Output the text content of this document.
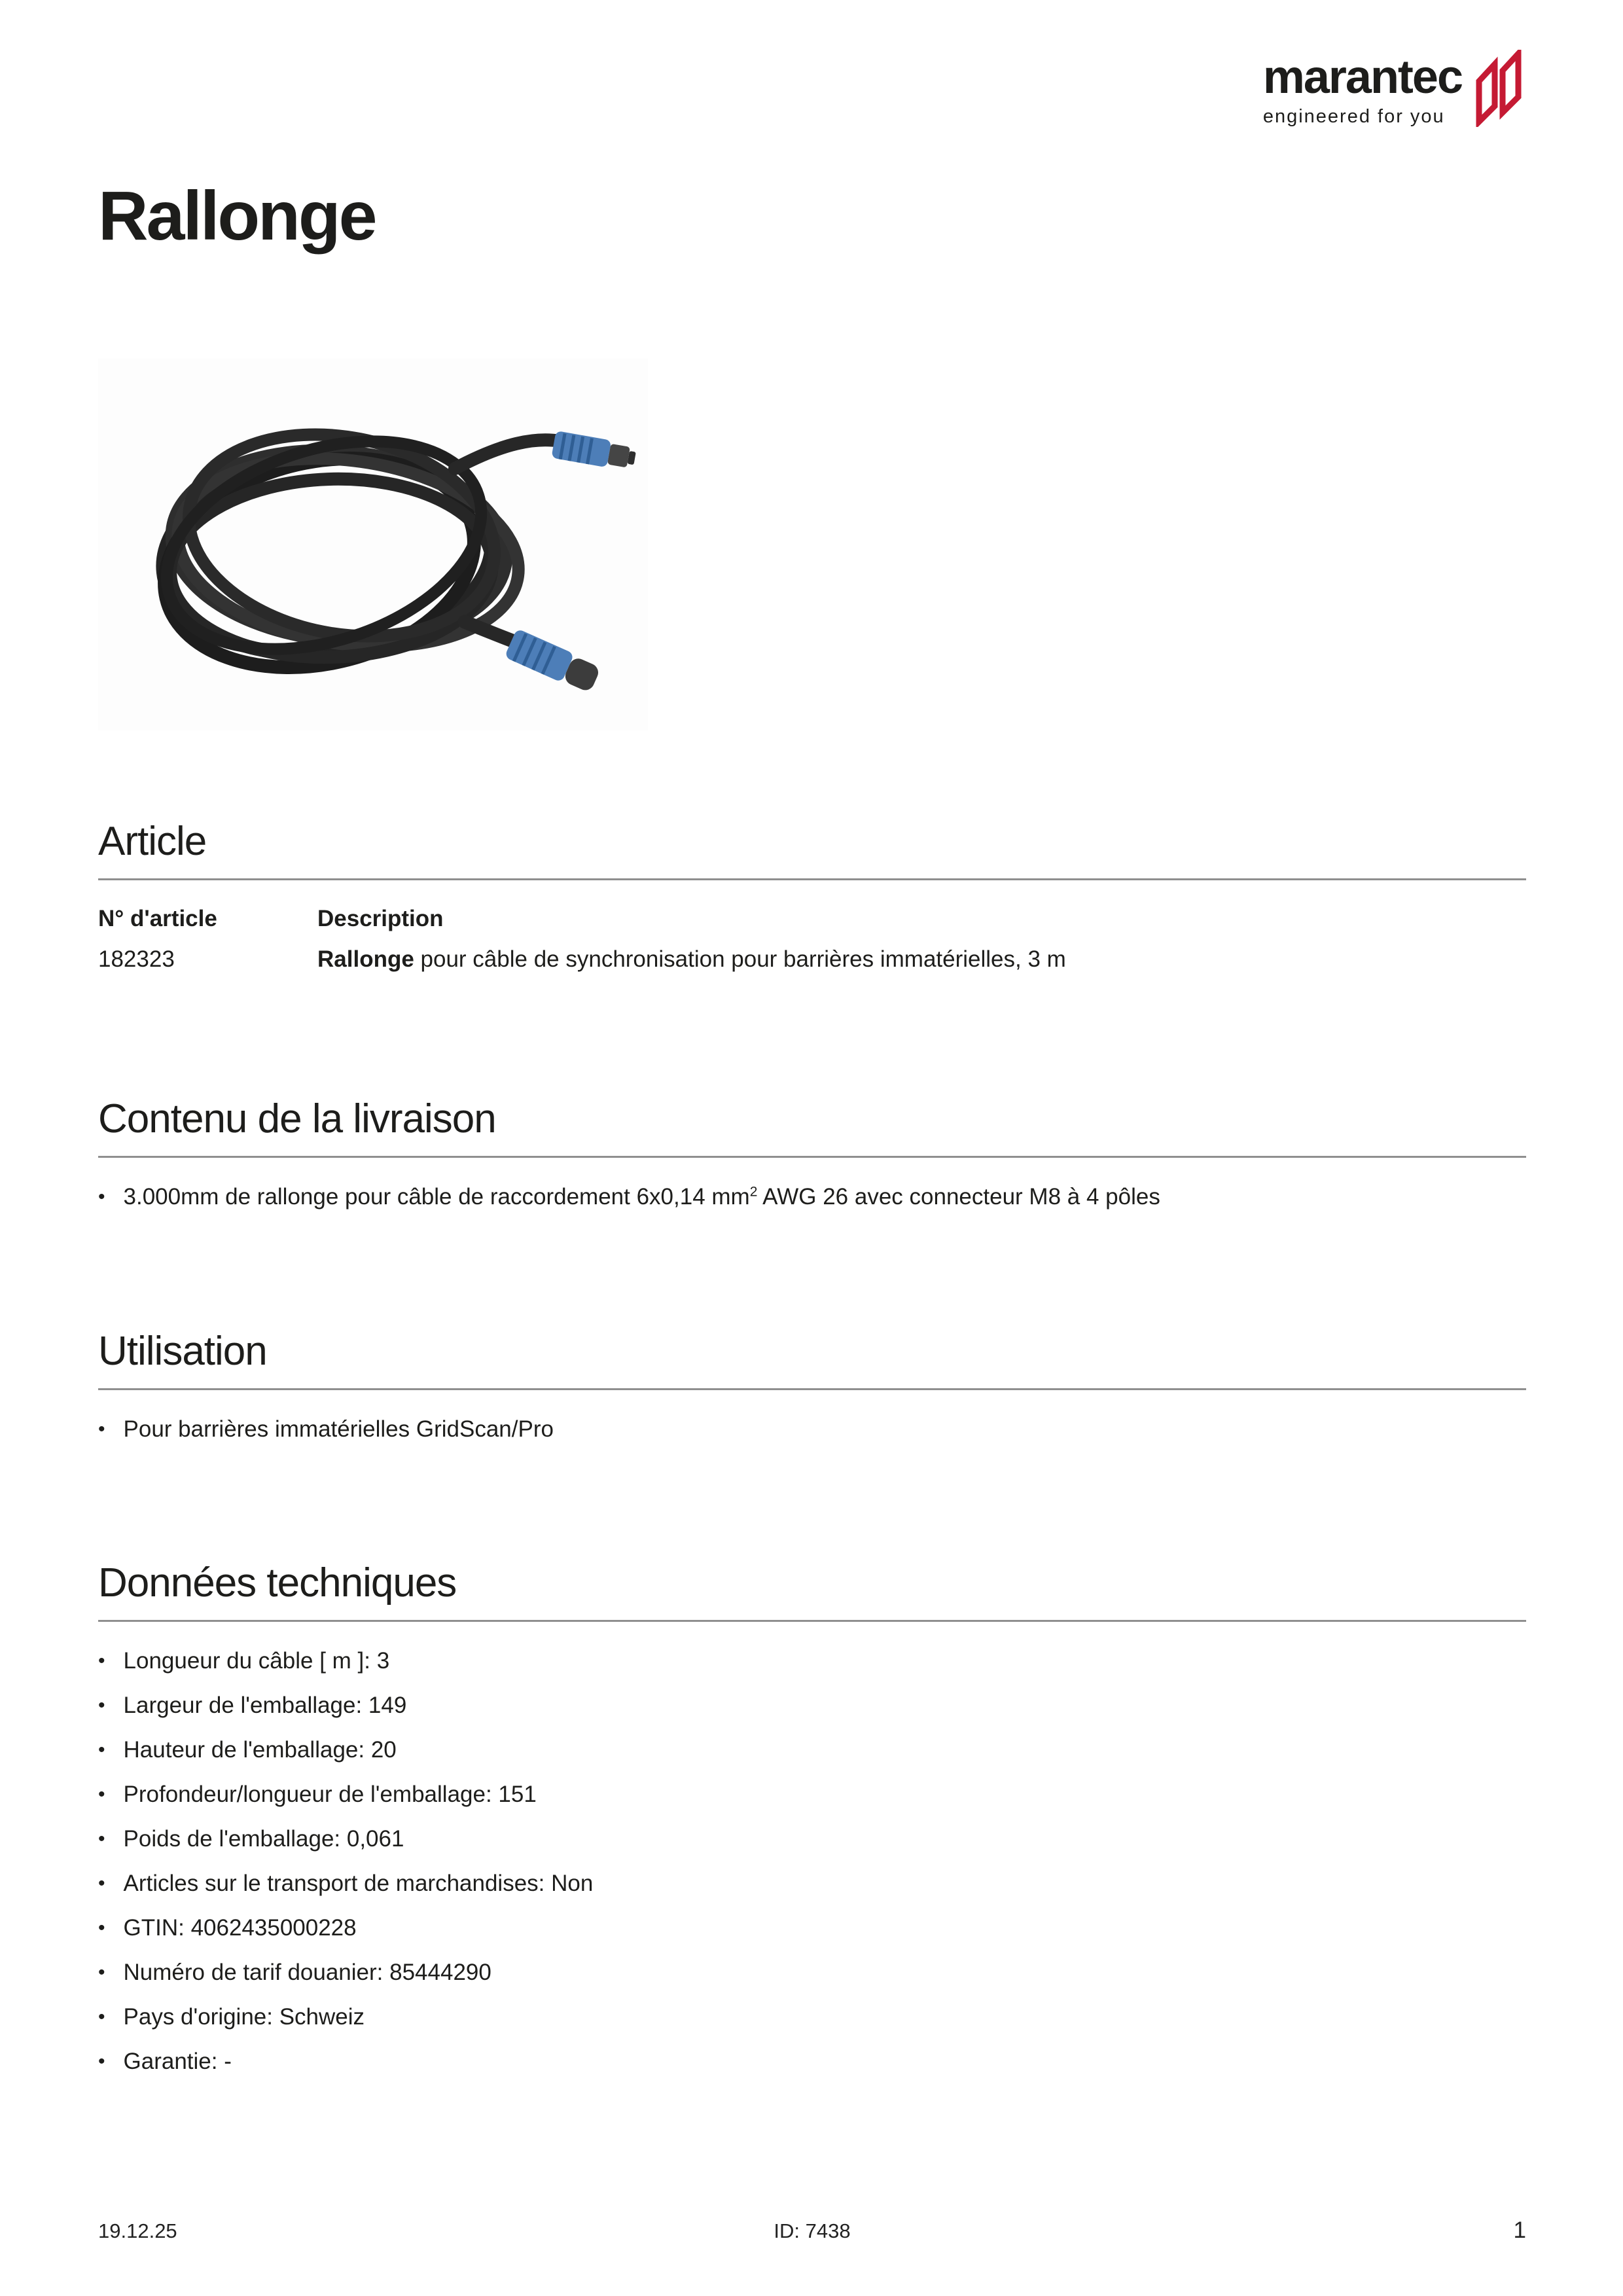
marantec
engineered for you
Rallonge
Article
N° d'article	Description
182323	Rallonge pour câble de synchronisation pour barrières immatérielles, 3 m
Contenu de la livraison
• 3.000mm de rallonge pour câble de raccordement 6x0,14 $mm^2$ AWG 26 avec connecteur M8 à 4 pôles
Utilisation
• Pour barrières immatérielles GridScan/Pro
Données techniques
• Longueur du câble [ m ]: 3
• Largeur de l'emballage: 149
• Hauteur de l'emballage: 20
• Profondeur/longueur de l'emballage: 151
• Poids de l'emballage: 0,061
• Articles sur le transport de marchandises: Non
• GTIN: 4062435000228
• Numéro de tarif douanier: 85444290
• Pays d'origine: Schweiz
• Garantie: -
19.12.25	ID: 7438	1
